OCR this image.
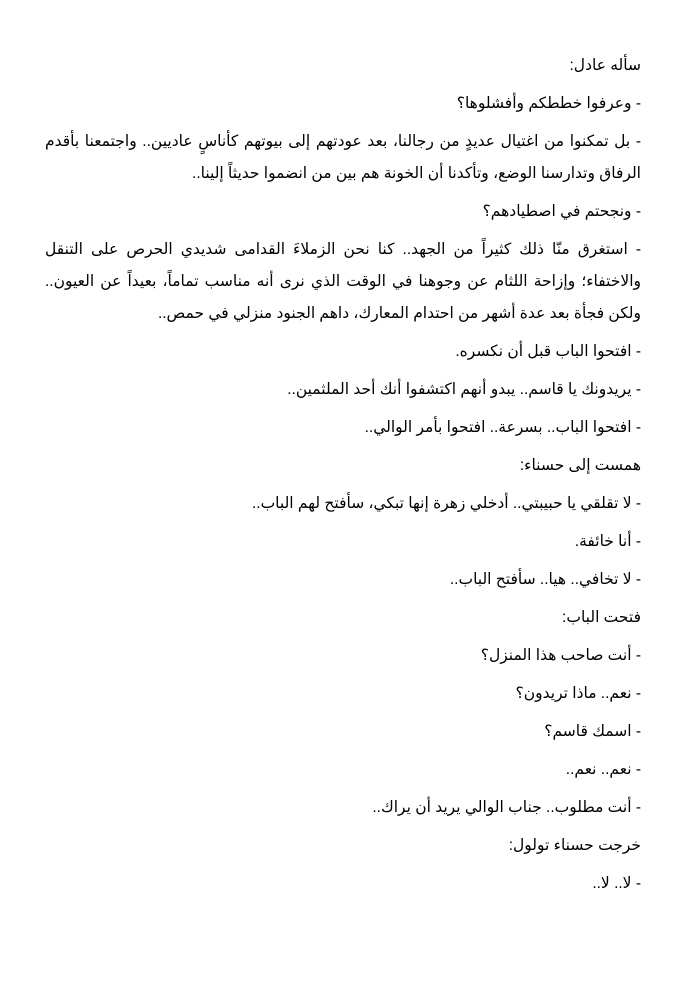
سأله عادل:

- وعرفوا خططكم وأفشلوها؟

- بل تمكنوا من اغتيال عديدٍ من رجالنا، بعد عودتهم إلى بيوتهم كأناسٍ عاديين.. واجتمعنا بأقدم الرفاق وتدارسنا الوضع، وتأكدنا أن الخونة هم بين من انضموا حديثاً إلينا..

- ونجحتم في اصطيادهم؟

- استغرق منّا ذلك كثيراً من الجهد.. كنا نحن الزملاءَ القدامى شديدي الحرص على التنقل والاختفاء؛ وإزاحة اللثام عن وجوهنا في الوقت الذي نرى أنه مناسب تماماً، بعيداً عن العيون.. ولكن فجأة بعد عدة أشهر من احتدام المعارك، داهم الجنود منزلي في حمص..

- افتحوا الباب قبل أن نكسره.

- يريدونك يا قاسم.. يبدو أنهم اكتشفوا أنك أحد الملثمين..

- افتحوا الباب.. بسرعة.. افتحوا بأمر الوالي..

همست إلى حسناء:

- لا تقلقي يا حبيبتي.. أدخلي زهرة إنها تبكي، سأفتح لهم الباب..

- أنا خائفة.

- لا تخافي.. هيا.. سأفتح الباب..

فتحت الباب:

- أنت صاحب هذا المنزل؟

- نعم.. ماذا تريدون؟

- اسمك قاسم؟

- نعم.. نعم..

- أنت مطلوب.. جناب الوالي يريد أن يراك..

خرجت حسناء تولول:

- لا.. لا..
